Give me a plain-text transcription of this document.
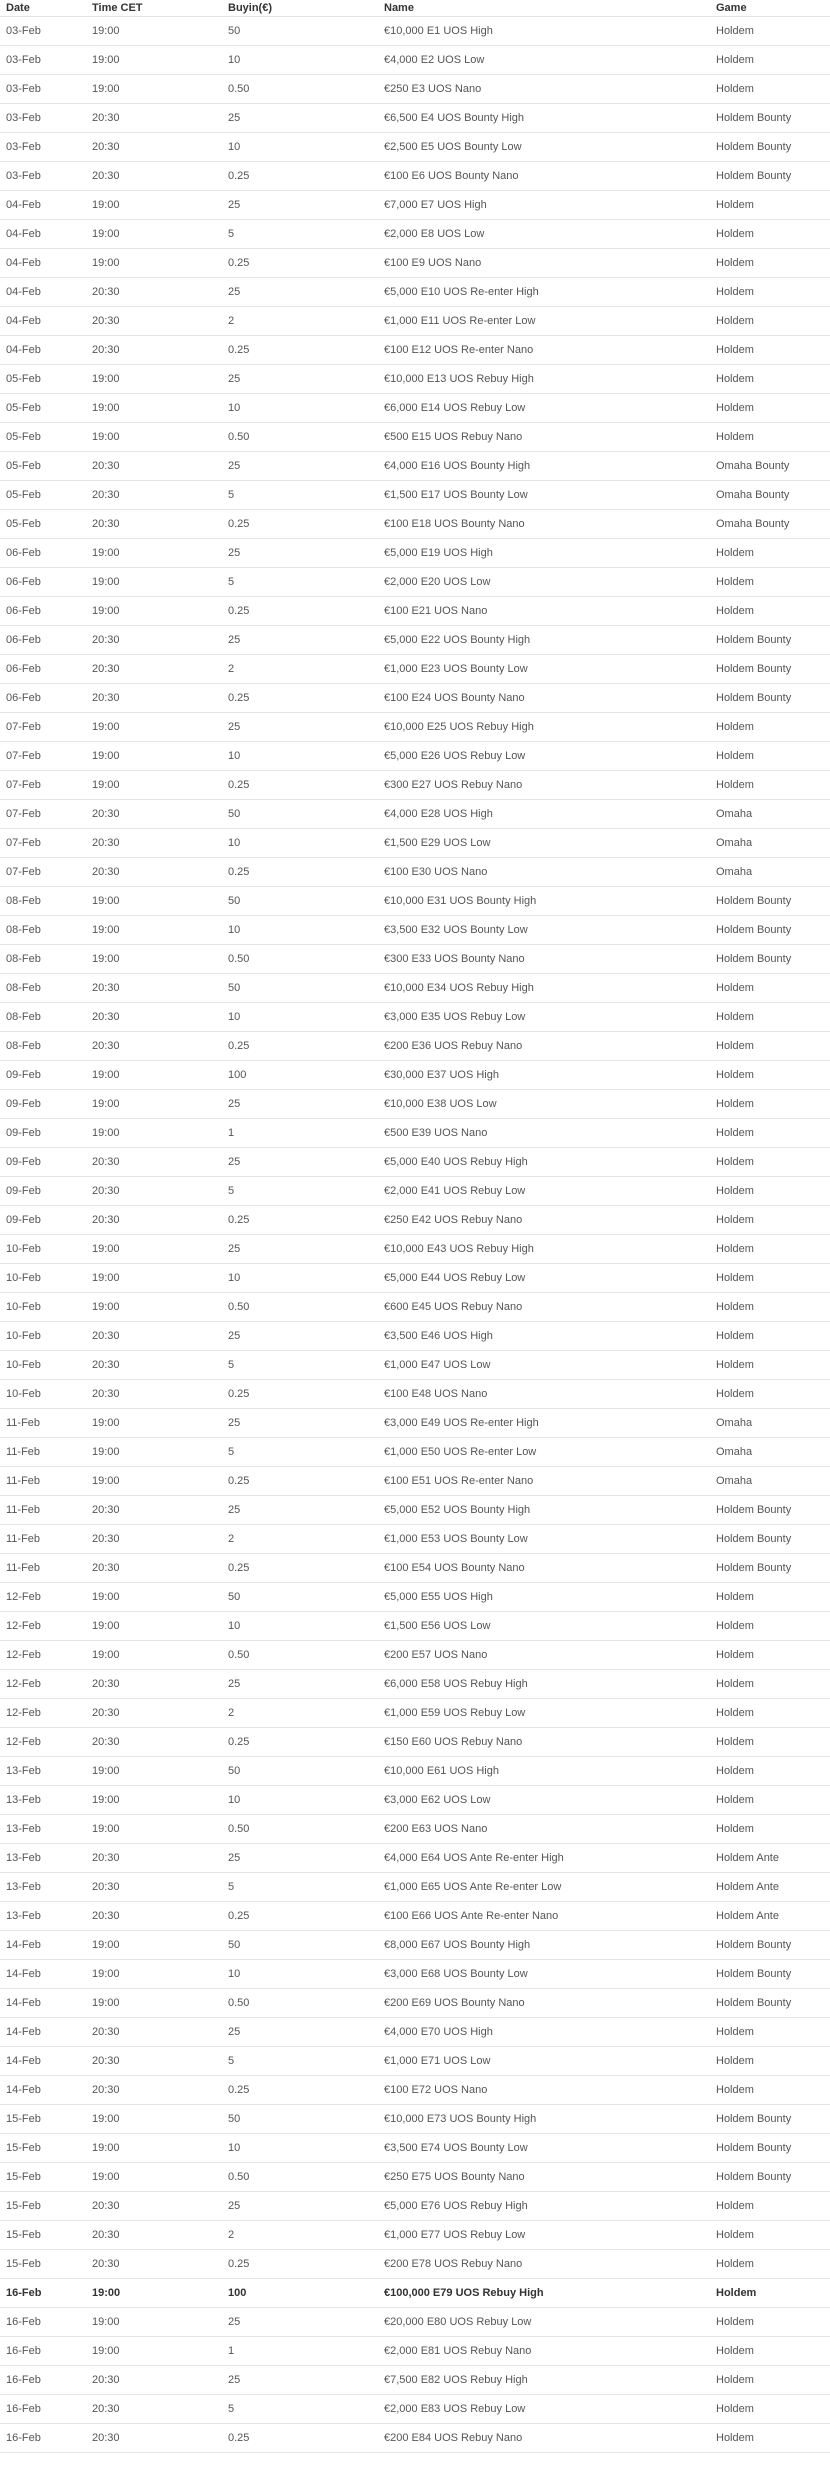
Date	Time CET	Buyin(€)	Name	Game
03-Feb	19:00	50	€10,000 E1 UOS High	Holdem
03-Feb	19:00	10	€4,000 E2 UOS Low	Holdem
03-Feb	19:00	0.50	€250 E3 UOS Nano	Holdem
03-Feb	20:30	25	€6,500 E4 UOS Bounty High	Holdem Bounty
03-Feb	20:30	10	€2,500 E5 UOS Bounty Low	Holdem Bounty
03-Feb	20:30	0.25	€100 E6 UOS Bounty Nano	Holdem Bounty
04-Feb	19:00	25	€7,000 E7 UOS High	Holdem
04-Feb	19:00	5	€2,000 E8 UOS Low	Holdem
04-Feb	19:00	0.25	€100 E9 UOS Nano	Holdem
04-Feb	20:30	25	€5,000 E10 UOS Re-enter High	Holdem
04-Feb	20:30	2	€1,000 E11 UOS Re-enter Low	Holdem
04-Feb	20:30	0.25	€100 E12 UOS Re-enter Nano	Holdem
05-Feb	19:00	25	€10,000 E13 UOS Rebuy High	Holdem
05-Feb	19:00	10	€6,000 E14 UOS Rebuy Low	Holdem
05-Feb	19:00	0.50	€500 E15 UOS Rebuy Nano	Holdem
05-Feb	20:30	25	€4,000 E16 UOS Bounty High	Omaha Bounty
05-Feb	20:30	5	€1,500 E17 UOS Bounty Low	Omaha Bounty
05-Feb	20:30	0.25	€100 E18 UOS Bounty Nano	Omaha Bounty
06-Feb	19:00	25	€5,000 E19 UOS High	Holdem
06-Feb	19:00	5	€2,000 E20 UOS Low	Holdem
06-Feb	19:00	0.25	€100 E21 UOS Nano	Holdem
06-Feb	20:30	25	€5,000 E22 UOS Bounty High	Holdem Bounty
06-Feb	20:30	2	€1,000 E23 UOS Bounty Low	Holdem Bounty
06-Feb	20:30	0.25	€100 E24 UOS Bounty Nano	Holdem Bounty
07-Feb	19:00	25	€10,000 E25 UOS Rebuy High	Holdem
07-Feb	19:00	10	€5,000 E26 UOS Rebuy Low	Holdem
07-Feb	19:00	0.25	€300 E27 UOS Rebuy Nano	Holdem
07-Feb	20:30	50	€4,000 E28 UOS High	Omaha
07-Feb	20:30	10	€1,500 E29 UOS Low	Omaha
07-Feb	20:30	0.25	€100 E30 UOS Nano	Omaha
08-Feb	19:00	50	€10,000 E31 UOS Bounty High	Holdem Bounty
08-Feb	19:00	10	€3,500 E32 UOS Bounty Low	Holdem Bounty
08-Feb	19:00	0.50	€300 E33 UOS Bounty Nano	Holdem Bounty
08-Feb	20:30	50	€10,000 E34 UOS Rebuy High	Holdem
08-Feb	20:30	10	€3,000 E35 UOS Rebuy Low	Holdem
08-Feb	20:30	0.25	€200 E36 UOS Rebuy Nano	Holdem
09-Feb	19:00	100	€30,000 E37 UOS High	Holdem
09-Feb	19:00	25	€10,000 E38 UOS Low	Holdem
09-Feb	19:00	1	€500 E39 UOS Nano	Holdem
09-Feb	20:30	25	€5,000 E40 UOS Rebuy High	Holdem
09-Feb	20:30	5	€2,000 E41 UOS Rebuy Low	Holdem
09-Feb	20:30	0.25	€250 E42 UOS Rebuy Nano	Holdem
10-Feb	19:00	25	€10,000 E43 UOS Rebuy High	Holdem
10-Feb	19:00	10	€5,000 E44 UOS Rebuy Low	Holdem
10-Feb	19:00	0.50	€600 E45 UOS Rebuy Nano	Holdem
10-Feb	20:30	25	€3,500 E46 UOS High	Holdem
10-Feb	20:30	5	€1,000 E47 UOS Low	Holdem
10-Feb	20:30	0.25	€100 E48 UOS Nano	Holdem
11-Feb	19:00	25	€3,000 E49 UOS Re-enter High	Omaha
11-Feb	19:00	5	€1,000 E50 UOS Re-enter Low	Omaha
11-Feb	19:00	0.25	€100 E51 UOS Re-enter Nano	Omaha
11-Feb	20:30	25	€5,000 E52 UOS Bounty High	Holdem Bounty
11-Feb	20:30	2	€1,000 E53 UOS Bounty Low	Holdem Bounty
11-Feb	20:30	0.25	€100 E54 UOS Bounty Nano	Holdem Bounty
12-Feb	19:00	50	€5,000 E55 UOS High	Holdem
12-Feb	19:00	10	€1,500 E56 UOS Low	Holdem
12-Feb	19:00	0.50	€200 E57 UOS Nano	Holdem
12-Feb	20:30	25	€6,000 E58 UOS Rebuy High	Holdem
12-Feb	20:30	2	€1,000 E59 UOS Rebuy Low	Holdem
12-Feb	20:30	0.25	€150 E60 UOS Rebuy Nano	Holdem
13-Feb	19:00	50	€10,000 E61 UOS High	Holdem
13-Feb	19:00	10	€3,000 E62 UOS Low	Holdem
13-Feb	19:00	0.50	€200 E63 UOS Nano	Holdem
13-Feb	20:30	25	€4,000 E64 UOS Ante Re-enter High	Holdem Ante
13-Feb	20:30	5	€1,000 E65 UOS Ante Re-enter Low	Holdem Ante
13-Feb	20:30	0.25	€100 E66 UOS Ante Re-enter Nano	Holdem Ante
14-Feb	19:00	50	€8,000 E67 UOS Bounty High	Holdem Bounty
14-Feb	19:00	10	€3,000 E68 UOS Bounty Low	Holdem Bounty
14-Feb	19:00	0.50	€200 E69 UOS Bounty Nano	Holdem Bounty
14-Feb	20:30	25	€4,000 E70 UOS High	Holdem
14-Feb	20:30	5	€1,000 E71 UOS Low	Holdem
14-Feb	20:30	0.25	€100 E72 UOS Nano	Holdem
15-Feb	19:00	50	€10,000 E73 UOS Bounty High	Holdem Bounty
15-Feb	19:00	10	€3,500 E74 UOS Bounty Low	Holdem Bounty
15-Feb	19:00	0.50	€250 E75 UOS Bounty Nano	Holdem Bounty
15-Feb	20:30	25	€5,000 E76 UOS Rebuy High	Holdem
15-Feb	20:30	2	€1,000 E77 UOS Rebuy Low	Holdem
15-Feb	20:30	0.25	€200 E78 UOS Rebuy Nano	Holdem
16-Feb	19:00	100	€100,000 E79 UOS Rebuy High	Holdem
16-Feb	19:00	25	€20,000 E80 UOS Rebuy Low	Holdem
16-Feb	19:00	1	€2,000 E81 UOS Rebuy Nano	Holdem
16-Feb	20:30	25	€7,500 E82 UOS Rebuy High	Holdem
16-Feb	20:30	5	€2,000 E83 UOS Rebuy Low	Holdem
16-Feb	20:30	0.25	€200 E84 UOS Rebuy Nano	Holdem
